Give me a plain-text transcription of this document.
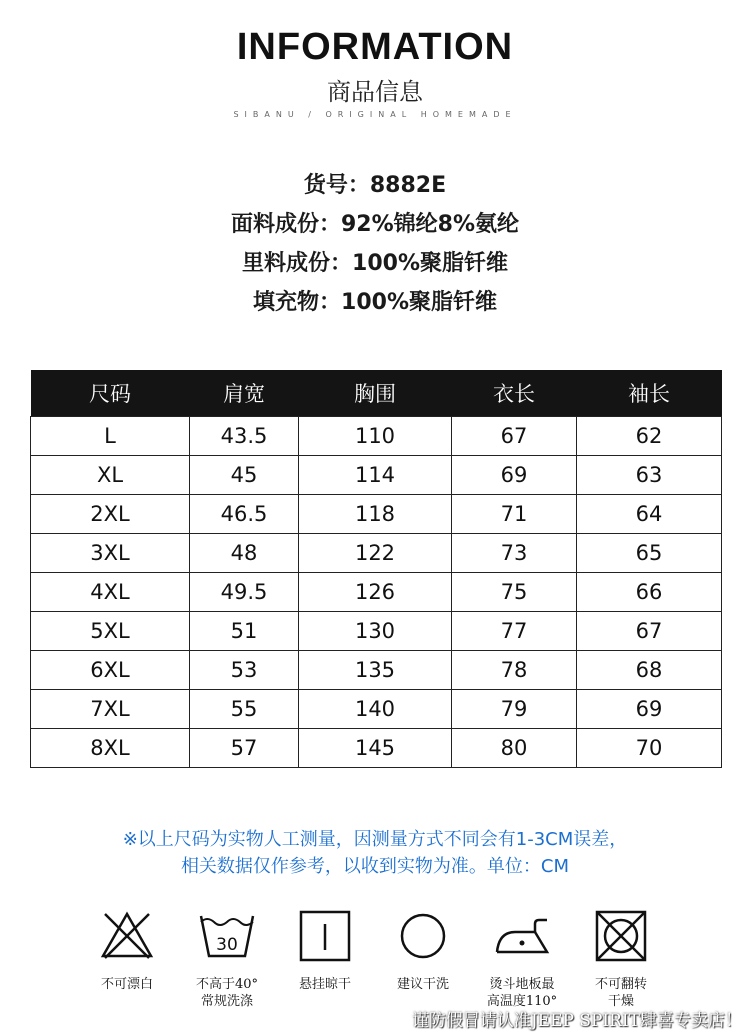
INFORMATION
商品信息
SIBANU / ORIGINAL HOMEMADE
货号：8882E
面料成份：92%锦纶8%氨纶
里料成份：100%聚脂钎维
填充物：100%聚脂钎维
尺码	肩宽	胸围	衣长	袖长
L	43.5	110	67	62
XL	45	114	69	63
2XL	46.5	118	71	64
3XL	48	122	73	65
4XL	49.5	126	75	66
5XL	51	130	77	67
6XL	53	135	78	68
7XL	55	140	79	69
8XL	57	145	80	70
※以上尺码为实物人工测量，因测量方式不同会有1-3CM误差，
相关数据仅作参考，以收到实物为准。单位：CM
不可漂白
30
不高于40°
常规洗涤
悬挂晾干	建议干洗	烫斗地板最
高温度110°
不可翻转
干燥
谨防假冒请认准JEEP SPIRIT肆喜专卖店！
